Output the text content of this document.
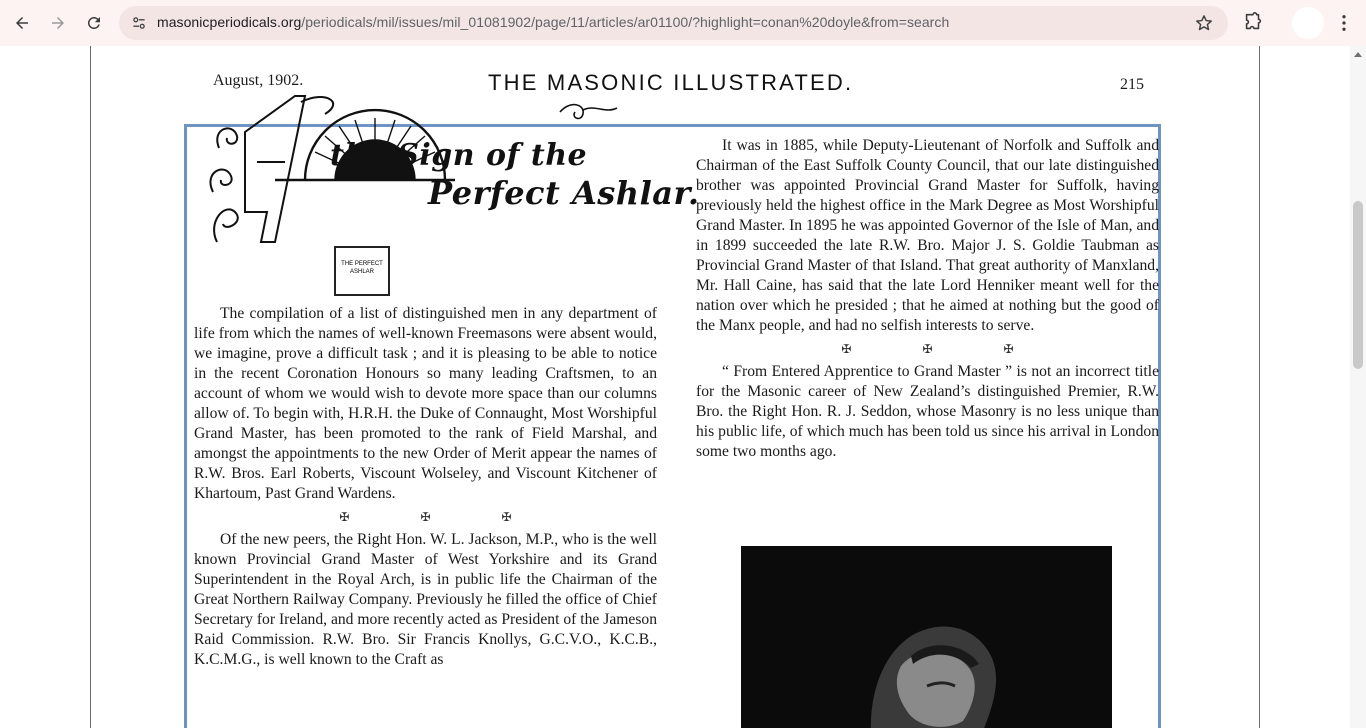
masonicperiodicals.org/periodicals/mil/issues/mil_01081902/page/11/articles/ar01100/?highlight=conan%20doyle&from=search
August, 1902.	THE MASONIC ILLUSTRATED.	215
the Sign of the
Perfect Ashlar.
THE PERFECT ASHLAR

The compilation of a list of distinguished men in any department of life from which the names of well-known Freemasons were absent would, we imagine, prove a difficult task ; and it is pleasing to be able to notice in the recent Coronation Honours so many leading Craftsmen, to an account of whom we would wish to devote more space than our columns allow of. To begin with, H.R.H. the Duke of Connaught, Most Worshipful Grand Master, has been promoted to the rank of Field Marshal, and amongst the appointments to the new Order of Merit appear the names of R.W. Bros. Earl Roberts, Viscount Wolseley, and Viscount Kitchener of Khartoum, Past Grand Wardens.

✠ ✠ ✠

Of the new peers, the Right Hon. W. L. Jackson, M.P., who is the well known Provincial Grand Master of West Yorkshire and its Grand Superintendent in the Royal Arch, is in public life the Chairman of the Great Northern Railway Company. Previously he filled the office of Chief Secretary for Ireland, and more recently acted as President of the Jameson Raid Commission. R.W. Bro. Sir Francis Knollys, G.C.V.O., K.C.B., K.C.M.G., is well known to the Craft as

It was in 1885, while Deputy-Lieutenant of Norfolk and Suffolk and Chairman of the East Suffolk County Council, that our late distinguished brother was appointed Provincial Grand Master for Suffolk, having previously held the highest office in the Mark Degree as Most Worshipful Grand Master. In 1895 he was appointed Governor of the Isle of Man, and in 1899 succeeded the late R.W. Bro. Major J. S. Goldie Taubman as Provincial Grand Master of that Island. That great authority of Manxland, Mr. Hall Caine, has said that the late Lord Henniker meant well for the nation over which he presided ; that he aimed at nothing but the good of the Manx people, and had no selfish interests to serve.

✠ ✠ ✠

“ From Entered Apprentice to Grand Master ” is not an incorrect title for the Masonic career of New Zealand’s distinguished Premier, R.W. Bro. the Right Hon. R. J. Seddon, whose Masonry is no less unique than his public life, of which much has been told us since his arrival in London some two months ago.
